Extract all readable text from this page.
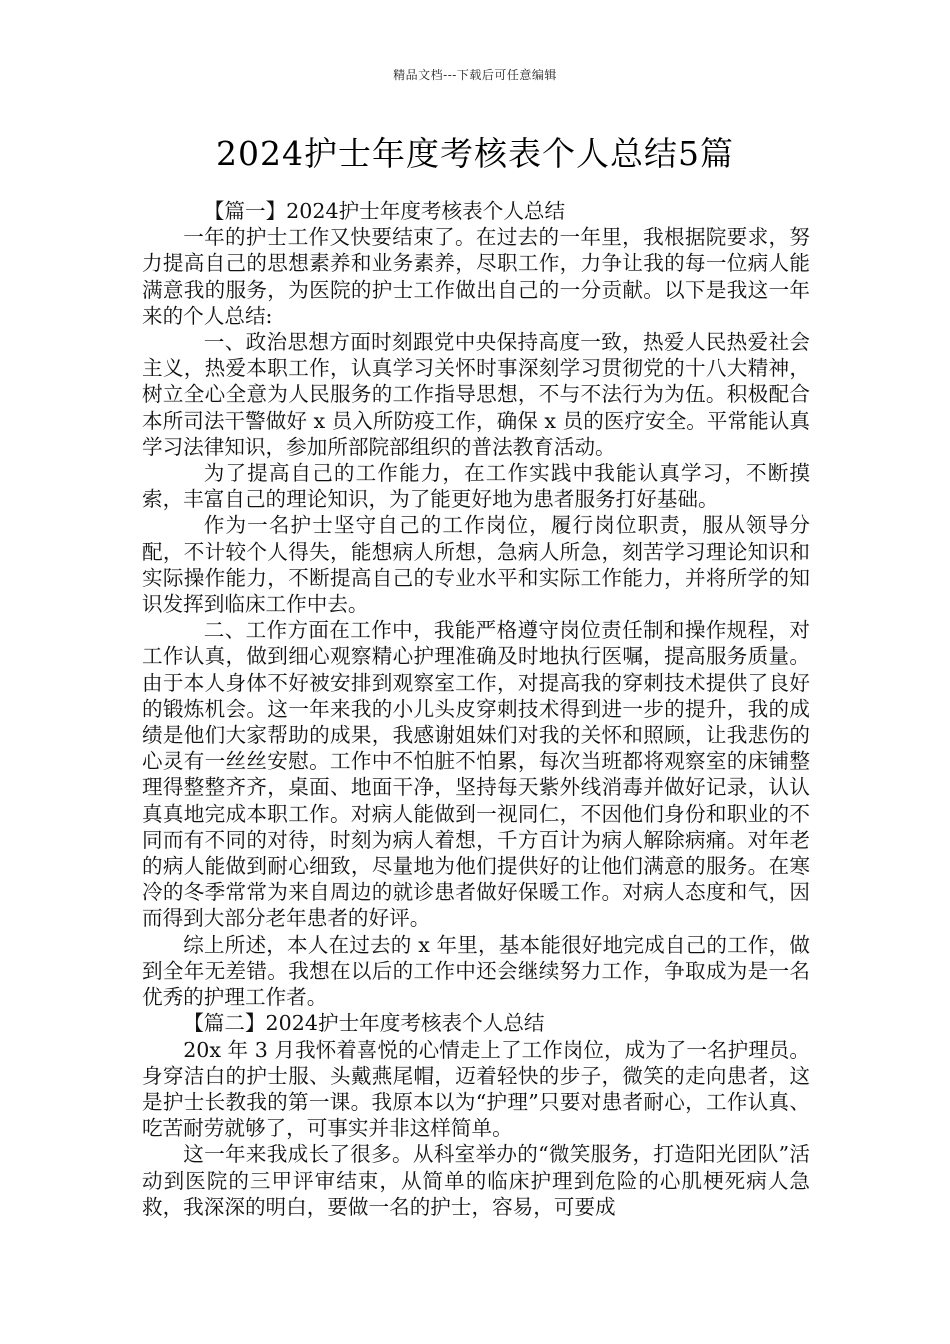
精品文档---下载后可任意编辑
2024护士年度考核表个人总结5篇

【篇一】2024护士年度考核表个人总结

一年的护士工作又快要结束了。在过去的一年里，我根据院要求，努力提高自己的思想素养和业务素养，尽职工作，力争让我的每一位病人能满意我的服务，为医院的护士工作做出自己的一分贡献。以下是我这一年来的个人总结:

一、政治思想方面时刻跟党中央保持高度一致，热爱人民热爱社会主义，热爱本职工作，认真学习关怀时事深刻学习贯彻党的十八大精神，树立全心全意为人民服务的工作指导思想，不与不法行为为伍。积极配合本所司法干警做好 x 员入所防疫工作，确保 x 员的医疗安全。平常能认真学习法律知识，参加所部院部组织的普法教育活动。

为了提高自己的工作能力，在工作实践中我能认真学习，不断摸索，丰富自己的理论知识，为了能更好地为患者服务打好基础。

作为一名护士坚守自己的工作岗位，履行岗位职责，服从领导分配，不计较个人得失，能想病人所想，急病人所急，刻苦学习理论知识和实际操作能力，不断提高自己的专业水平和实际工作能力，并将所学的知识发挥到临床工作中去。

二、工作方面在工作中，我能严格遵守岗位责任制和操作规程，对工作认真，做到细心观察精心护理准确及时地执行医嘱，提高服务质量。由于本人身体不好被安排到观察室工作，对提高我的穿刺技术提供了良好的锻炼机会。这一年来我的小儿头皮穿刺技术得到进一步的提升，我的成绩是他们大家帮助的成果，我感谢姐妹们对我的关怀和照顾，让我悲伤的心灵有一丝丝安慰。工作中不怕脏不怕累，每次当班都将观察室的床铺整理得整整齐齐，桌面、地面干净，坚持每天紫外线消毒并做好记录，认认真真地完成本职工作。对病人能做到一视同仁，不因他们身份和职业的不同而有不同的对待，时刻为病人着想，千方百计为病人解除病痛。对年老的病人能做到耐心细致，尽量地为他们提供好的让他们满意的服务。在寒冷的冬季常常为来自周边的就诊患者做好保暖工作。对病人态度和气，因而得到大部分老年患者的好评。

综上所述，本人在过去的 x 年里，基本能很好地完成自己的工作，做到全年无差错。我想在以后的工作中还会继续努力工作，争取成为是一名优秀的护理工作者。

【篇二】2024护士年度考核表个人总结

20x 年 3 月我怀着喜悦的心情走上了工作岗位，成为了一名护理员。身穿洁白的护士服、头戴燕尾帽，迈着轻快的步子，微笑的走向患者，这是护士长教我的第一课。我原本以为“护理”只要对患者耐心，工作认真、吃苦耐劳就够了，可事实并非这样简单。

这一年来我成长了很多。从科室举办的“微笑服务，打造阳光团队”活动到医院的三甲评审结束，从简单的临床护理到危险的心肌梗死病人急救，我深深的明白，要做一名的护士，容易，可要成
